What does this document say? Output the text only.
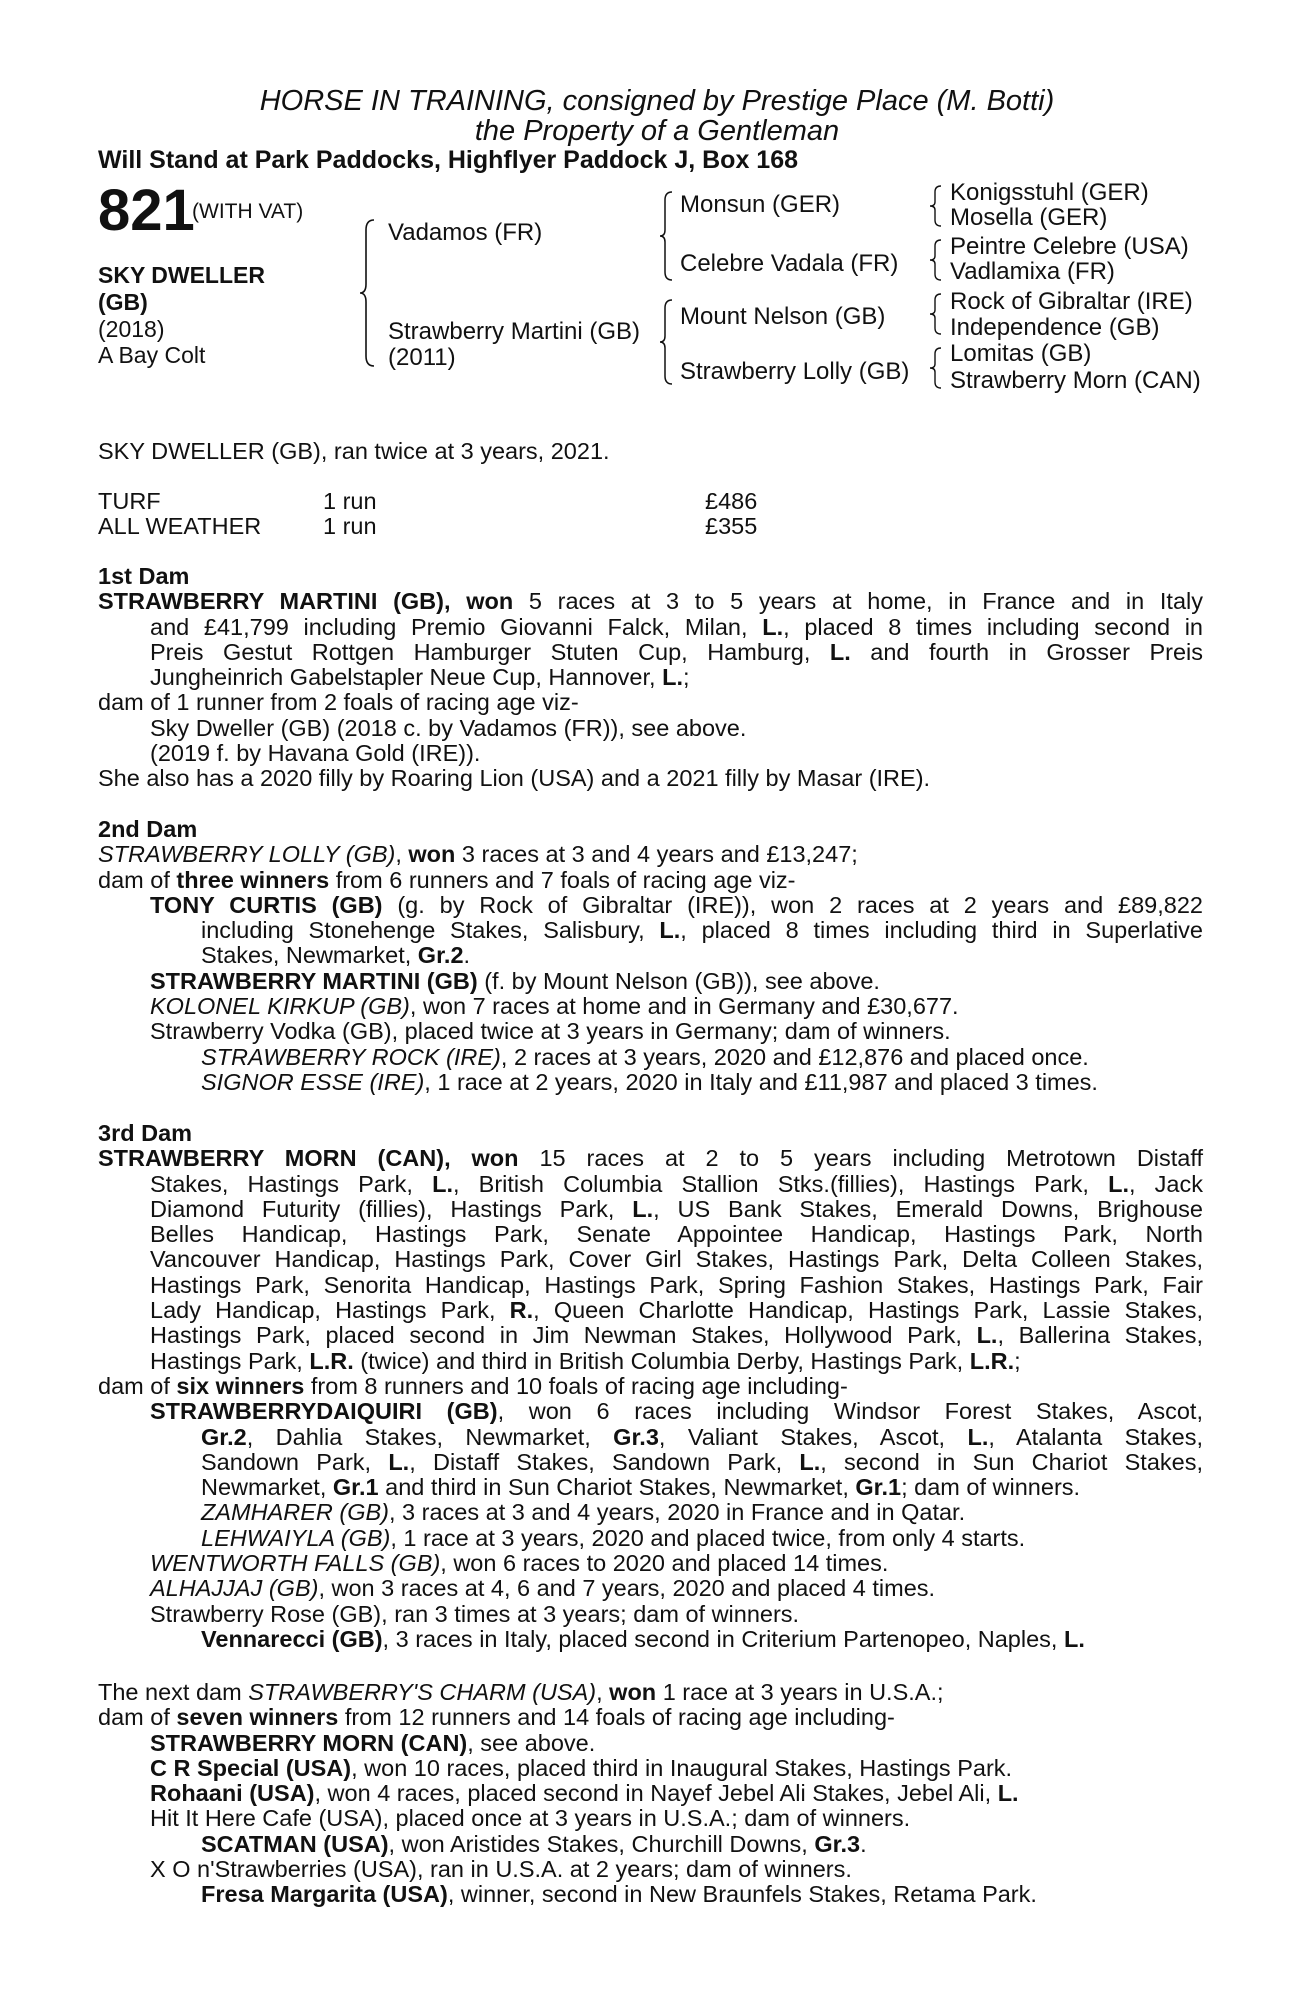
HORSE IN TRAINING, consigned by Prestige Place (M. Botti)
the Property of a Gentleman
Will Stand at Park Paddocks, Highflyer Paddock J, Box 168
821
(WITH VAT)
SKY DWELLER
(GB)
(2018)
A Bay Colt
Vadamos (FR)
Strawberry Martini (GB)
(2011)
Monsun (GER)
Celebre Vadala (FR)
Mount Nelson (GB)
Strawberry Lolly (GB)
Konigsstuhl (GER)
Mosella (GER)
Peintre Celebre (USA)
Vadlamixa (FR)
Rock of Gibraltar (IRE)
Independence (GB)
Lomitas (GB)
Strawberry Morn (CAN)
SKY DWELLER (GB), ran twice at 3 years, 2021.
TURF	1 run	£486
ALL WEATHER	1 run	£355

1st Dam

STRAWBERRY MARTINI (GB), won 5 races at 3 to 5 years at home, in France and in Italy

and £41,799 including Premio Giovanni Falck, Milan, L., placed 8 times including second in

Preis Gestut Rottgen Hamburger Stuten Cup, Hamburg, L. and fourth in Grosser Preis

Jungheinrich Gabelstapler Neue Cup, Hannover, L.;

dam of 1 runner from 2 foals of racing age viz-

Sky Dweller (GB) (2018 c. by Vadamos (FR)), see above.

(2019 f. by Havana Gold (IRE)).

She also has a 2020 filly by Roaring Lion (USA) and a 2021 filly by Masar (IRE).

2nd Dam

STRAWBERRY LOLLY (GB), won 3 races at 3 and 4 years and £13,247;

dam of three winners from 6 runners and 7 foals of racing age viz-

TONY CURTIS (GB) (g. by Rock of Gibraltar (IRE)), won 2 races at 2 years and £89,822

including Stonehenge Stakes, Salisbury, L., placed 8 times including third in Superlative

Stakes, Newmarket, Gr.2.

STRAWBERRY MARTINI (GB) (f. by Mount Nelson (GB)), see above.

KOLONEL KIRKUP (GB), won 7 races at home and in Germany and £30,677.

Strawberry Vodka (GB), placed twice at 3 years in Germany; dam of winners.

STRAWBERRY ROCK (IRE), 2 races at 3 years, 2020 and £12,876 and placed once.

SIGNOR ESSE (IRE), 1 race at 2 years, 2020 in Italy and £11,987 and placed 3 times.

3rd Dam

STRAWBERRY MORN (CAN), won 15 races at 2 to 5 years including Metrotown Distaff

Stakes, Hastings Park, L., British Columbia Stallion Stks.(fillies), Hastings Park, L., Jack

Diamond Futurity (fillies), Hastings Park, L., US Bank Stakes, Emerald Downs, Brighouse

Belles Handicap, Hastings Park, Senate Appointee Handicap, Hastings Park, North

Vancouver Handicap, Hastings Park, Cover Girl Stakes, Hastings Park, Delta Colleen Stakes,

Hastings Park, Senorita Handicap, Hastings Park, Spring Fashion Stakes, Hastings Park, Fair

Lady Handicap, Hastings Park, R., Queen Charlotte Handicap, Hastings Park, Lassie Stakes,

Hastings Park, placed second in Jim Newman Stakes, Hollywood Park, L., Ballerina Stakes,

Hastings Park, L.R. (twice) and third in British Columbia Derby, Hastings Park, L.R.;

dam of six winners from 8 runners and 10 foals of racing age including-

STRAWBERRYDAIQUIRI (GB), won 6 races including Windsor Forest Stakes, Ascot,

Gr.2, Dahlia Stakes, Newmarket, Gr.3, Valiant Stakes, Ascot, L., Atalanta Stakes,

Sandown Park, L., Distaff Stakes, Sandown Park, L., second in Sun Chariot Stakes,

Newmarket, Gr.1 and third in Sun Chariot Stakes, Newmarket, Gr.1; dam of winners.

ZAMHARER (GB), 3 races at 3 and 4 years, 2020 in France and in Qatar.

LEHWAIYLA (GB), 1 race at 3 years, 2020 and placed twice, from only 4 starts.

WENTWORTH FALLS (GB), won 6 races to 2020 and placed 14 times.

ALHAJJAJ (GB), won 3 races at 4, 6 and 7 years, 2020 and placed 4 times.

Strawberry Rose (GB), ran 3 times at 3 years; dam of winners.

Vennarecci (GB), 3 races in Italy, placed second in Criterium Partenopeo, Naples, L.

The next dam STRAWBERRY'S CHARM (USA), won 1 race at 3 years in U.S.A.;

dam of seven winners from 12 runners and 14 foals of racing age including-

STRAWBERRY MORN (CAN), see above.

C R Special (USA), won 10 races, placed third in Inaugural Stakes, Hastings Park.

Rohaani (USA), won 4 races, placed second in Nayef Jebel Ali Stakes, Jebel Ali, L.

Hit It Here Cafe (USA), placed once at 3 years in U.S.A.; dam of winners.

SCATMAN (USA), won Aristides Stakes, Churchill Downs, Gr.3.

X O n'Strawberries (USA), ran in U.S.A. at 2 years; dam of winners.

Fresa Margarita (USA), winner, second in New Braunfels Stakes, Retama Park.
